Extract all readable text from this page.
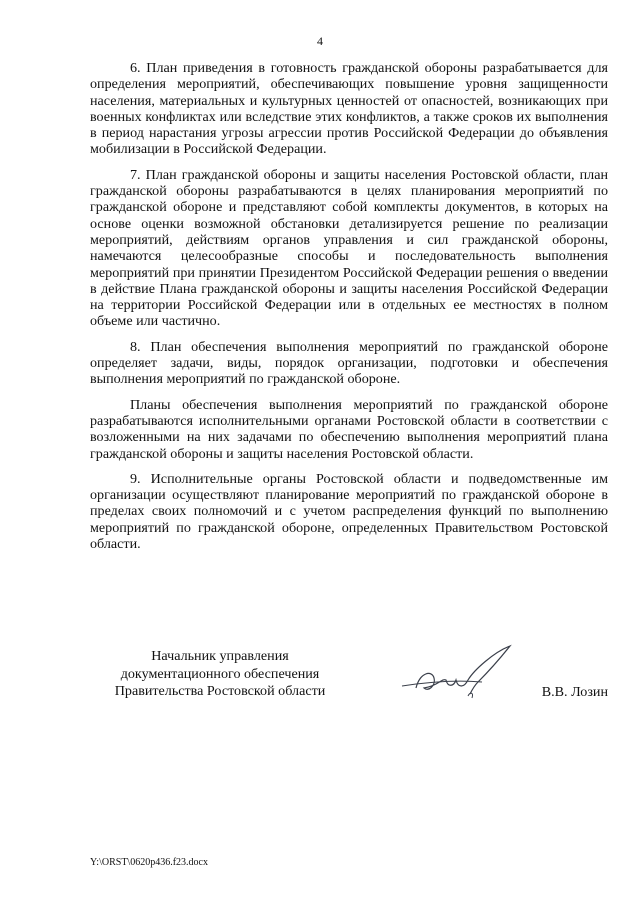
4

6. План приведения в готовность гражданской обороны разрабатывается для определения мероприятий, обеспечивающих повышение уровня защищенности населения, материальных и культурных ценностей от опасностей, возникающих при военных конфликтах или вследствие этих конфликтов, а также сроков их выполнения в период нарастания угрозы агрессии против Российской Федерации до объявления мобилизации в Российской Федерации.

7. План гражданской обороны и защиты населения Ростовской области, план гражданской обороны разрабатываются в целях планирования мероприятий по гражданской обороне и представляют собой комплекты документов, в которых на основе оценки возможной обстановки детализируется решение по реализации мероприятий, действиям органов управления и сил гражданской обороны, намечаются целесообразные способы и последовательность выполнения мероприятий при принятии Президентом Российской Федерации решения о введении в действие Плана гражданской обороны и защиты населения Российской Федерации на территории Российской Федерации или в отдельных ее местностях в полном объеме или частично.

8. План обеспечения выполнения мероприятий по гражданской обороне определяет задачи, виды, порядок организации, подготовки и обеспечения выполнения мероприятий по гражданской обороне.

Планы обеспечения выполнения мероприятий по гражданской обороне разрабатываются исполнительными органами Ростовской области в соответствии с возложенными на них задачами по обеспечению выполнения мероприятий плана гражданской обороны и защиты населения Ростовской области.

9. Исполнительные органы Ростовской области и подведомственные им организации осуществляют планирование мероприятий по гражданской обороне в пределах своих полномочий и с учетом распределения функций по выполнению мероприятий по гражданской обороне, определенных Правительством Ростовской области.

Начальник управления
документационного обеспечения
Правительства Ростовской области	В.В. Лозин
Y:\ORST\0620p436.f23.docx
